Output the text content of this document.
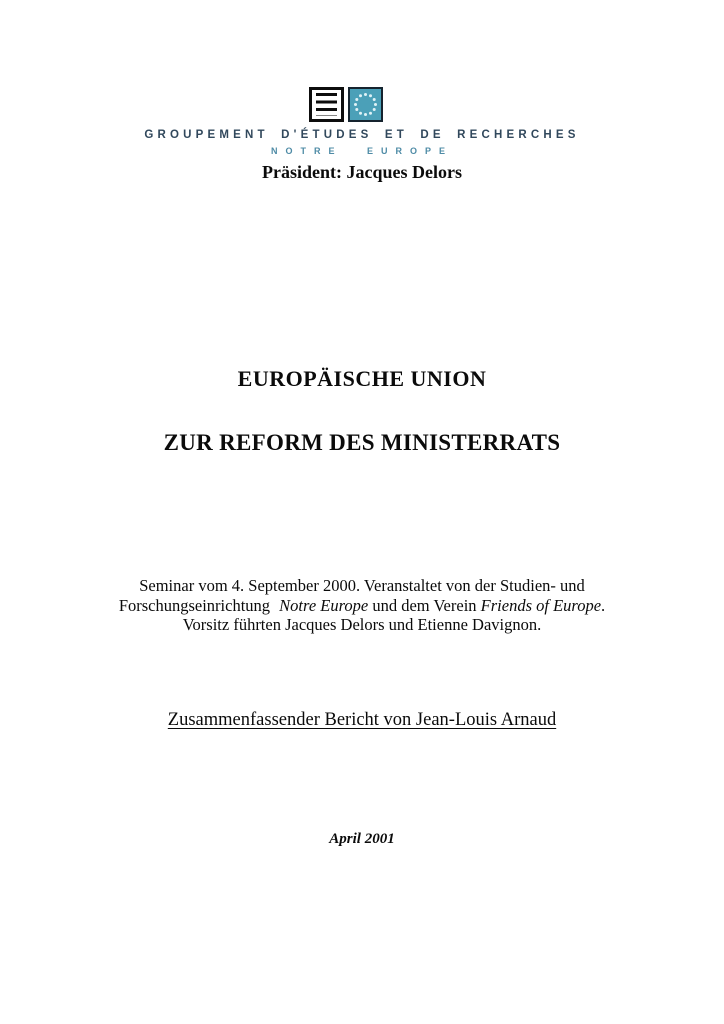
GROUPEMENT D'ÉTUDES ET DE RECHERCHES
NOTRE EUROPE
Präsident: Jacques Delors
EUROPÄISCHE UNION
ZUR REFORM DES MINISTERRATS
Seminar vom 4. September 2000. Veranstaltet von der Studien- und
Forschungseinrichtung Notre Europe und dem Verein Friends of Europe.
Vorsitz führten Jacques Delors und Etienne Davignon.
Zusammenfassender Bericht von Jean-Louis Arnaud
April 2001
